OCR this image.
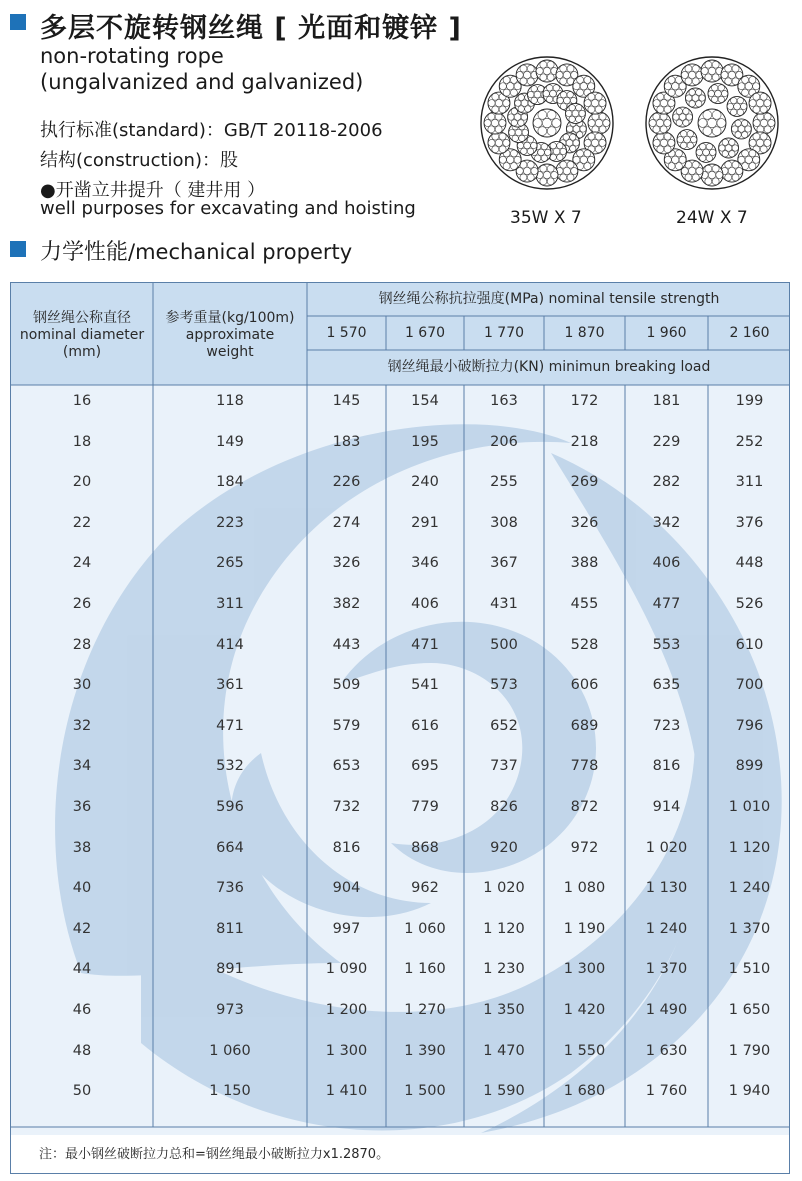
多层不旋转钢丝绳 [ 光面和镀锌 ]
non-rotating rope
(ungalvanized and galvanized)
执行标准(standard)：GB/T 20118-2006
结构(construction)：股
●开凿立井提升（ 建井用 ）
well purposes for excavating and hoisting	35W X 7	24W X 7
力学性能/mechanical property
钢丝绳公称直径
nominal diameter
(mm)
参考重量(kg/100m)
approximate
weight
钢丝绳公称抗拉强度(MPa) nominal tensile strength
1 570	1 670	1 770	1 870	1 960	2 160
钢丝绳最小破断拉力(KN) minimun breaking load
16	118	145	154	163	172	181	199
18	149	183	195	206	218	229	252
20	184	226	240	255	269	282	311
22	223	274	291	308	326	342	376
24	265	326	346	367	388	406	448
26	311	382	406	431	455	477	526
28	414	443	471	500	528	553	610
30	361	509	541	573	606	635	700
32	471	579	616	652	689	723	796
34	532	653	695	737	778	816	899
36	596	732	779	826	872	914	1 010
38	664	816	868	920	972	1 020	1 120
40	736	904	962	1 020	1 080	1 130	1 240
42	811	997	1 060	1 120	1 190	1 240	1 370
44	891	1 090	1 160	1 230	1 300	1 370	1 510
46	973	1 200	1 270	1 350	1 420	1 490	1 650
48	1 060	1 300	1 390	1 470	1 550	1 630	1 790
50	1 150	1 410	1 500	1 590	1 680	1 760	1 940
注：最小钢丝破断拉力总和=钢丝绳最小破断拉力x1.2870。
